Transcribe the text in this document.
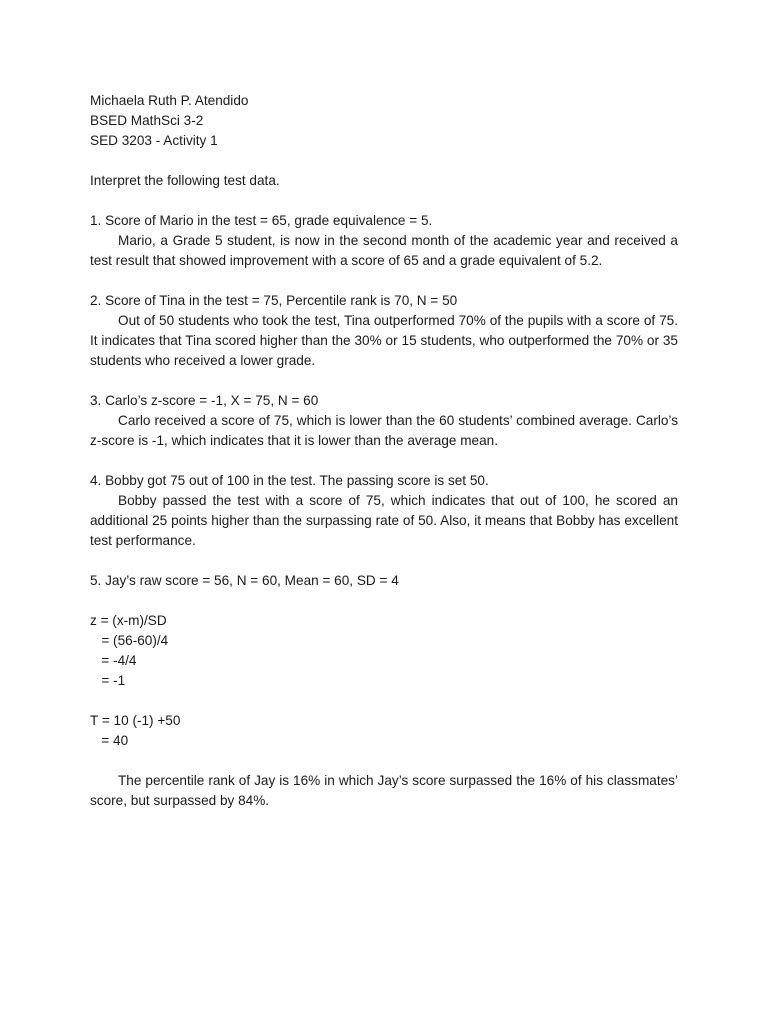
Michaela Ruth P. Atendido
BSED MathSci 3-2
SED 3203 - Activity 1
Interpret the following test data.
1. Score of Mario in the test = 65, grade equivalence = 5.

Mario, a Grade 5 student, is now in the second month of the academic year and received a test result that showed improvement with a score of 65 and a grade equivalent of 5.2.

2. Score of Tina in the test = 75, Percentile rank is 70, N = 50

Out of 50 students who took the test, Tina outperformed 70% of the pupils with a score of 75. It indicates that Tina scored higher than the 30% or 15 students, who outperformed the 70% or 35 students who received a lower grade.

3. Carlo’s z-score = -1, X = 75, N = 60

Carlo received a score of 75, which is lower than the 60 students’ combined average. Carlo’s z-score is -1, which indicates that it is lower than the average mean.

4. Bobby got 75 out of 100 in the test. The passing score is set 50.

Bobby passed the test with a score of 75, which indicates that out of 100, he scored an additional 25 points higher than the surpassing rate of 50. Also, it means that Bobby has excellent test performance.

5. Jay’s raw score = 56, N = 60, Mean = 60, SD = 4
z = (x-m)/SD
= (56-60)/4
= -4/4
= -1
T = 10 (-1) +50
= 40

The percentile rank of Jay is 16% in which Jay’s score surpassed the 16% of his classmates’ score, but surpassed by 84%.
